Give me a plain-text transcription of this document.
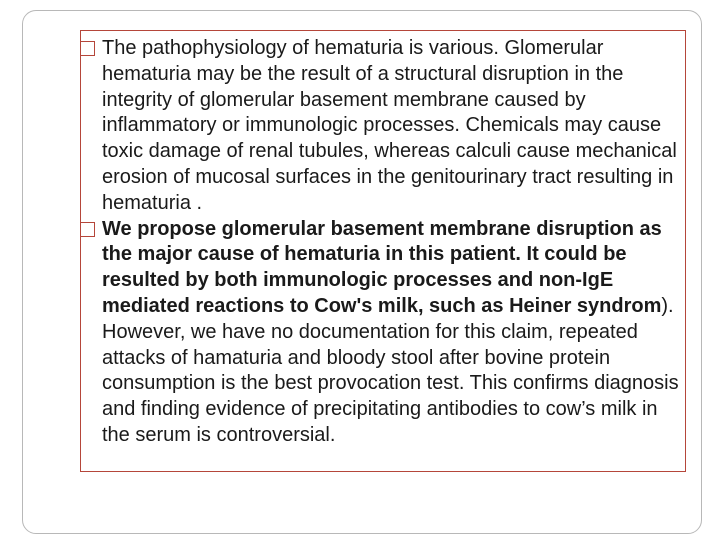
The pathophysiology of hematuria is various. Glomerular hematuria may be the result of a structural disruption in the integrity of glomerular basement membrane caused by inflammatory or immunologic processes. Chemicals may cause toxic damage of renal tubules, whereas calculi cause mechanical erosion of mucosal surfaces in the genitourinary tract resulting in hematuria .
We propose glomerular basement membrane disruption as the major cause of hematuria in this patient. It could be resulted by both immunologic processes and non-IgE mediated reactions to Cow's milk, such as Heiner syndrom). However, we have no documentation for this claim, repeated attacks of hamaturia and bloody stool after bovine protein consumption is the best provocation test. This confirms diagnosis and finding evidence of precipitating antibodies to cow’s milk in the serum is controversial.
